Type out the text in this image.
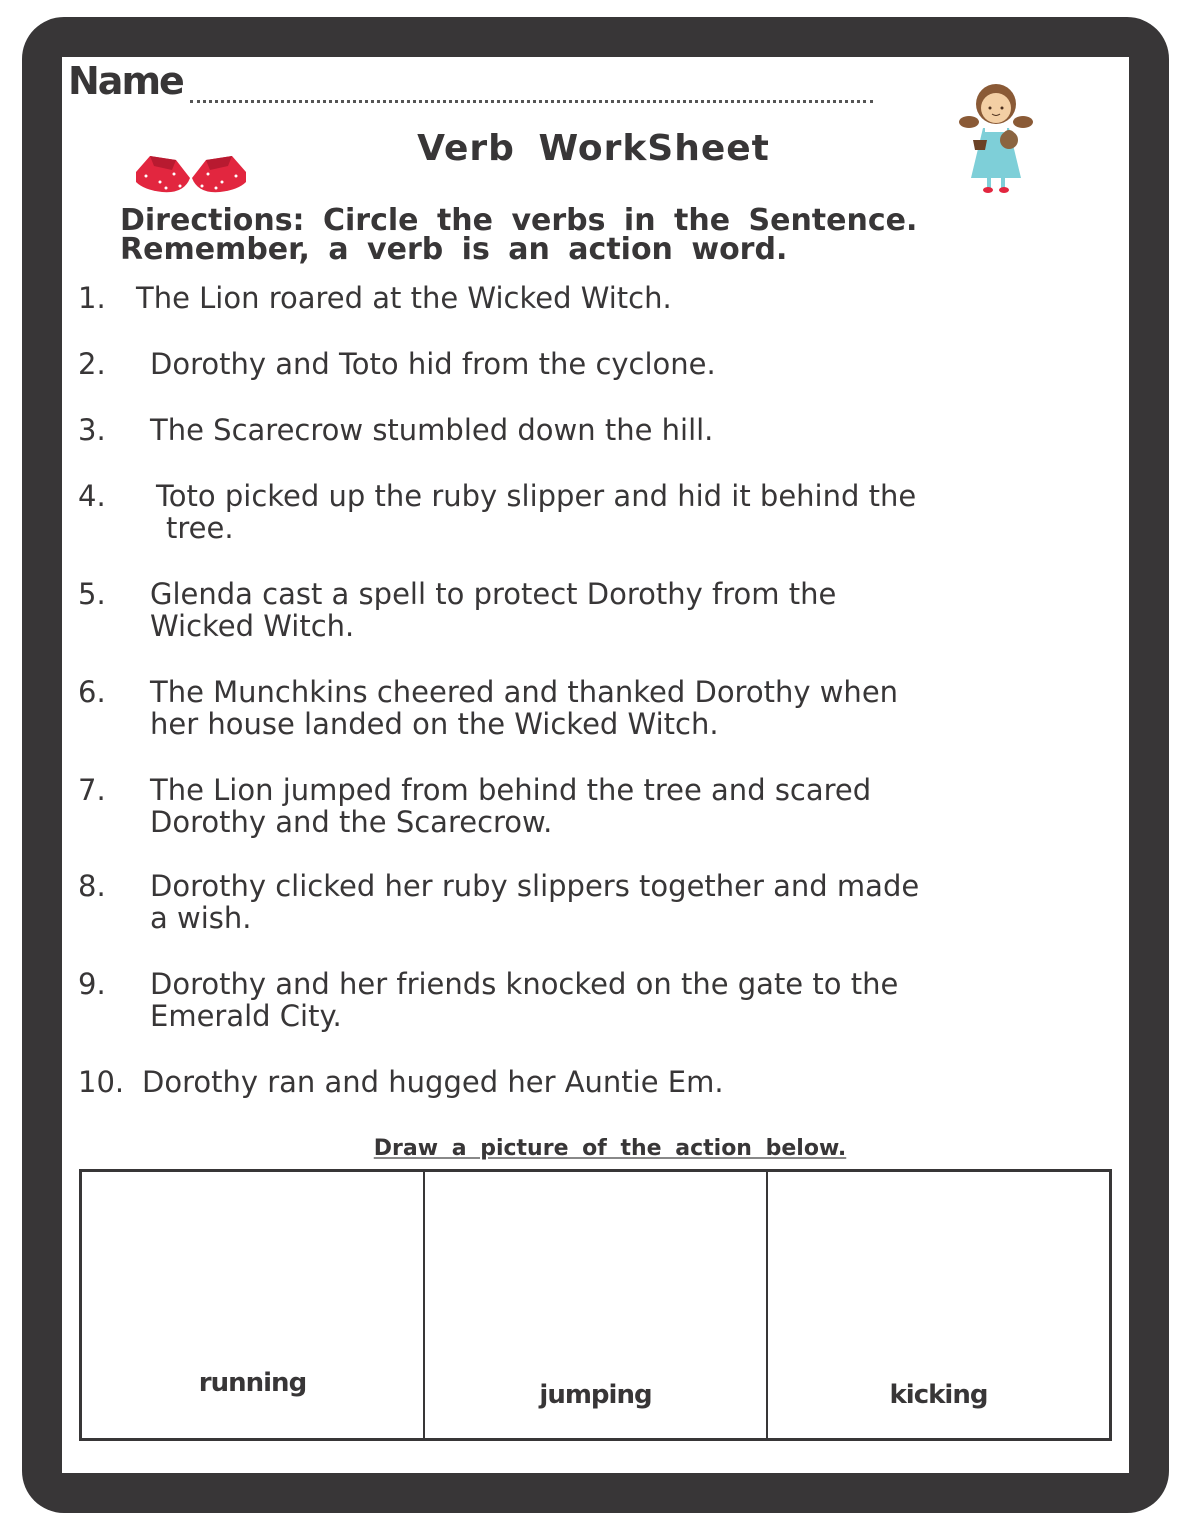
Name
Verb WorkSheet
Directions: Circle the verbs in the Sentence.
Remember, a verb is an action word.
1. The Lion roared at the Wicked Witch.
2. Dorothy and Toto hid from the cyclone.
3. The Scarecrow stumbled down the hill.
4. Toto picked up the ruby slipper and hid it behind the
tree.
5. Glenda cast a spell to protect Dorothy from the
Wicked Witch.
6. The Munchkins cheered and thanked Dorothy when
her house landed on the Wicked Witch.
7. The Lion jumped from behind the tree and scared
Dorothy and the Scarecrow.
8. Dorothy clicked her ruby slippers together and made
a wish.
9. Dorothy and her friends knocked on the gate to the
Emerald City.
10. Dorothy ran and hugged her Auntie Em.
Draw a picture of the action below.
running	jumping	kicking
